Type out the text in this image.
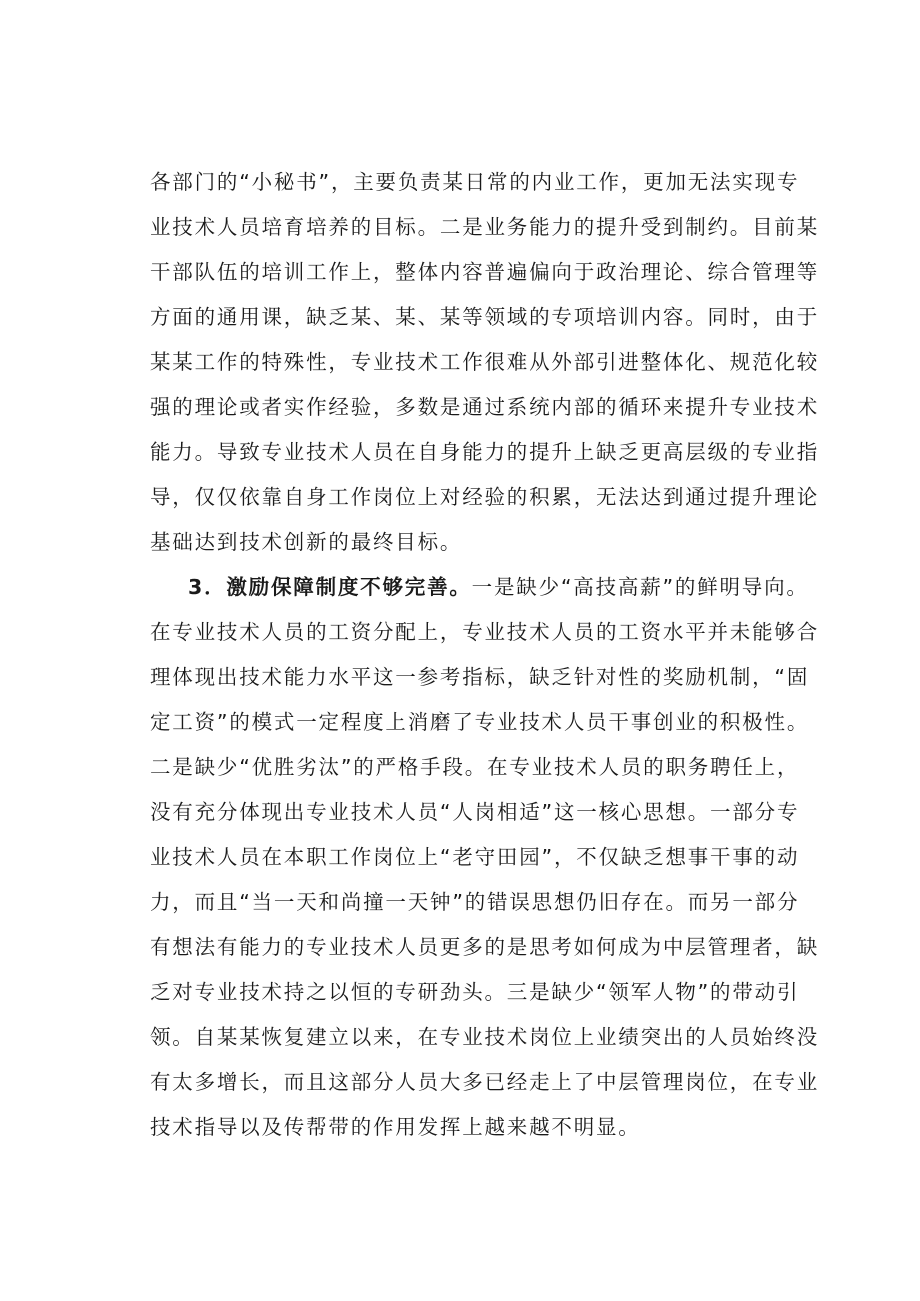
各部门的“小秘书”，主要负责某日常的内业工作，更加无法实现专
业技术人员培育培养的目标。二是业务能力的提升受到制约。目前某
干部队伍的培训工作上，整体内容普遍偏向于政治理论、综合管理等
方面的通用课，缺乏某、某、某等领域的专项培训内容。同时，由于
某某工作的特殊性，专业技术工作很难从外部引进整体化、规范化较
强的理论或者实作经验，多数是通过系统内部的循环来提升专业技术
能力。导致专业技术人员在自身能力的提升上缺乏更高层级的专业指
导，仅仅依靠自身工作岗位上对经验的积累，无法达到通过提升理论
基础达到技术创新的最终目标。
3．激励保障制度不够完善。一是缺少“高技高薪”的鲜明导向。
在专业技术人员的工资分配上，专业技术人员的工资水平并未能够合
理体现出技术能力水平这一参考指标，缺乏针对性的奖励机制，“固
定工资”的模式一定程度上消磨了专业技术人员干事创业的积极性。
二是缺少“优胜劣汰”的严格手段。在专业技术人员的职务聘任上，
没有充分体现出专业技术人员“人岗相适”这一核心思想。一部分专
业技术人员在本职工作岗位上“老守田园”，不仅缺乏想事干事的动
力，而且“当一天和尚撞一天钟”的错误思想仍旧存在。而另一部分
有想法有能力的专业技术人员更多的是思考如何成为中层管理者，缺
乏对专业技术持之以恒的专研劲头。三是缺少“领军人物”的带动引
领。自某某恢复建立以来，在专业技术岗位上业绩突出的人员始终没
有太多增长，而且这部分人员大多已经走上了中层管理岗位，在专业
技术指导以及传帮带的作用发挥上越来越不明显。
